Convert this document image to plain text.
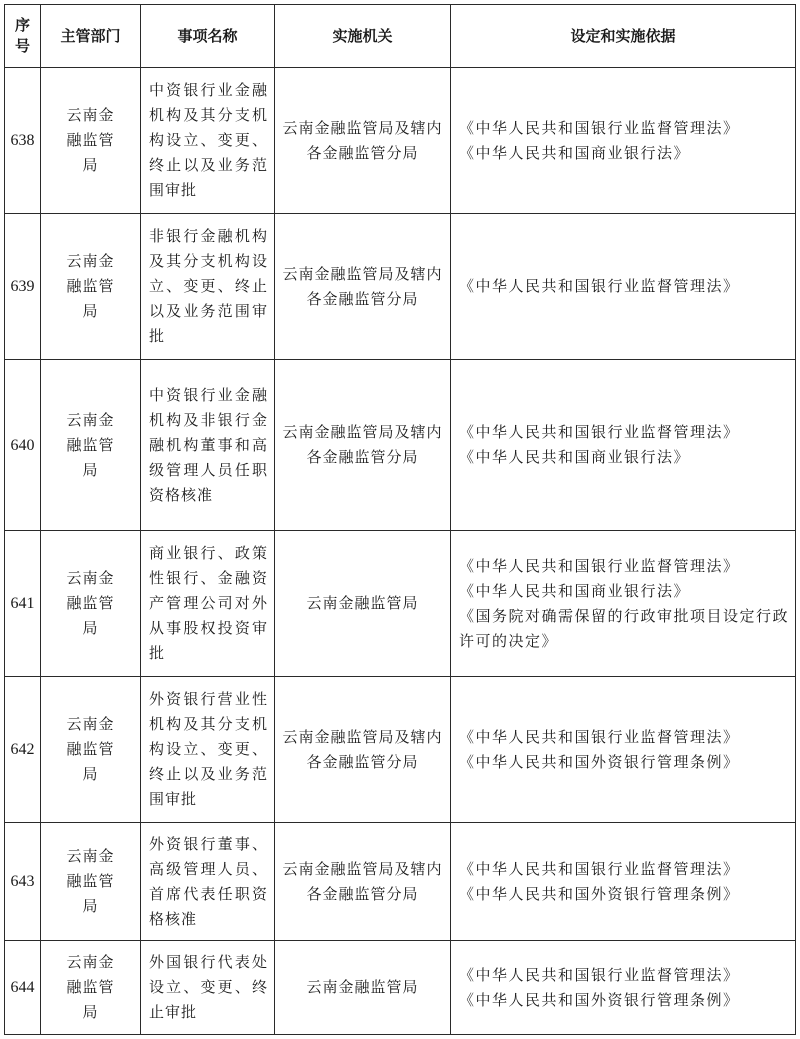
序号	主管部门	事项名称	实施机关	设定和实施依据
638	云南金融监管局	中资银行业金融机构及其分支机构设立、变更、终止以及业务范围审批	云南金融监管局及辖内各金融监管分局	《中华人民共和国银行业监督管理法》
《中华人民共和国商业银行法》

639	云南金融监管局	非银行金融机构及其分支机构设立、变更、终止以及业务范围审批	云南金融监管局及辖内各金融监管分局	《中华人民共和国银行业监督管理法》

640	云南金融监管局	中资银行业金融机构及非银行金融机构董事和高级管理人员任职资格核准	云南金融监管局及辖内各金融监管分局	《中华人民共和国银行业监督管理法》
《中华人民共和国商业银行法》

641	云南金融监管局	商业银行、政策性银行、金融资产管理公司对外从事股权投资审批	云南金融监管局	《中华人民共和国银行业监督管理法》
《中华人民共和国商业银行法》
《国务院对确需保留的行政审批项目设定行政许可的决定》

642	云南金融监管局	外资银行营业性机构及其分支机构设立、变更、终止以及业务范围审批	云南金融监管局及辖内各金融监管分局	《中华人民共和国银行业监督管理法》
《中华人民共和国外资银行管理条例》

643	云南金融监管局	外资银行董事、高级管理人员、首席代表任职资格核准	云南金融监管局及辖内各金融监管分局	《中华人民共和国银行业监督管理法》
《中华人民共和国外资银行管理条例》

644	云南金融监管局	外国银行代表处设立、变更、终止审批	云南金融监管局	《中华人民共和国银行业监督管理法》
《中华人民共和国外资银行管理条例》
